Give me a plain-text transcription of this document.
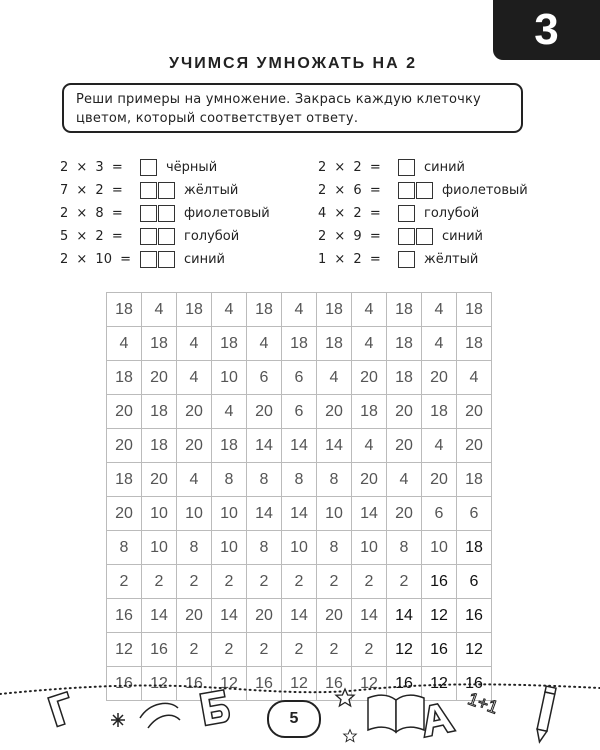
3
УЧИМСЯ УМНОЖАТЬ НА 2
Реши примеры на умножение. Закрась каждую клеточку цветом, который соответствует ответу.
2 × 3 =	чёрный
7 × 2 =	жёлтый
2 × 8 =	фиолетовый
5 × 2 =	голубой
2 × 10 =	синий
2 × 2 =	синий
2 × 6 =	фиолетовый
4 × 2 =	голубой
2 × 9 =	синий
1 × 2 =	жёлтый
18	4	18	4	18	4	18	4	18	4	18
4	18	4	18	4	18	18	4	18	4	18
18	20	4	10	6	6	4	20	18	20	4
20	18	20	4	20	6	20	18	20	18	20
20	18	20	18	14	14	14	4	20	4	20
18	20	4	8	8	8	8	20	4	20	18
20	10	10	10	14	14	10	14	20	6	6
8	10	8	10	8	10	8	10	8	10	18
2	2	2	2	2	2	2	2	2	16	6
16	14	20	14	20	14	20	14	14	12	16
12	16	2	2	2	2	2	2	12	16	12
16	12	16	12	16	12	16	12	16	12	16
Г	1+1
5
